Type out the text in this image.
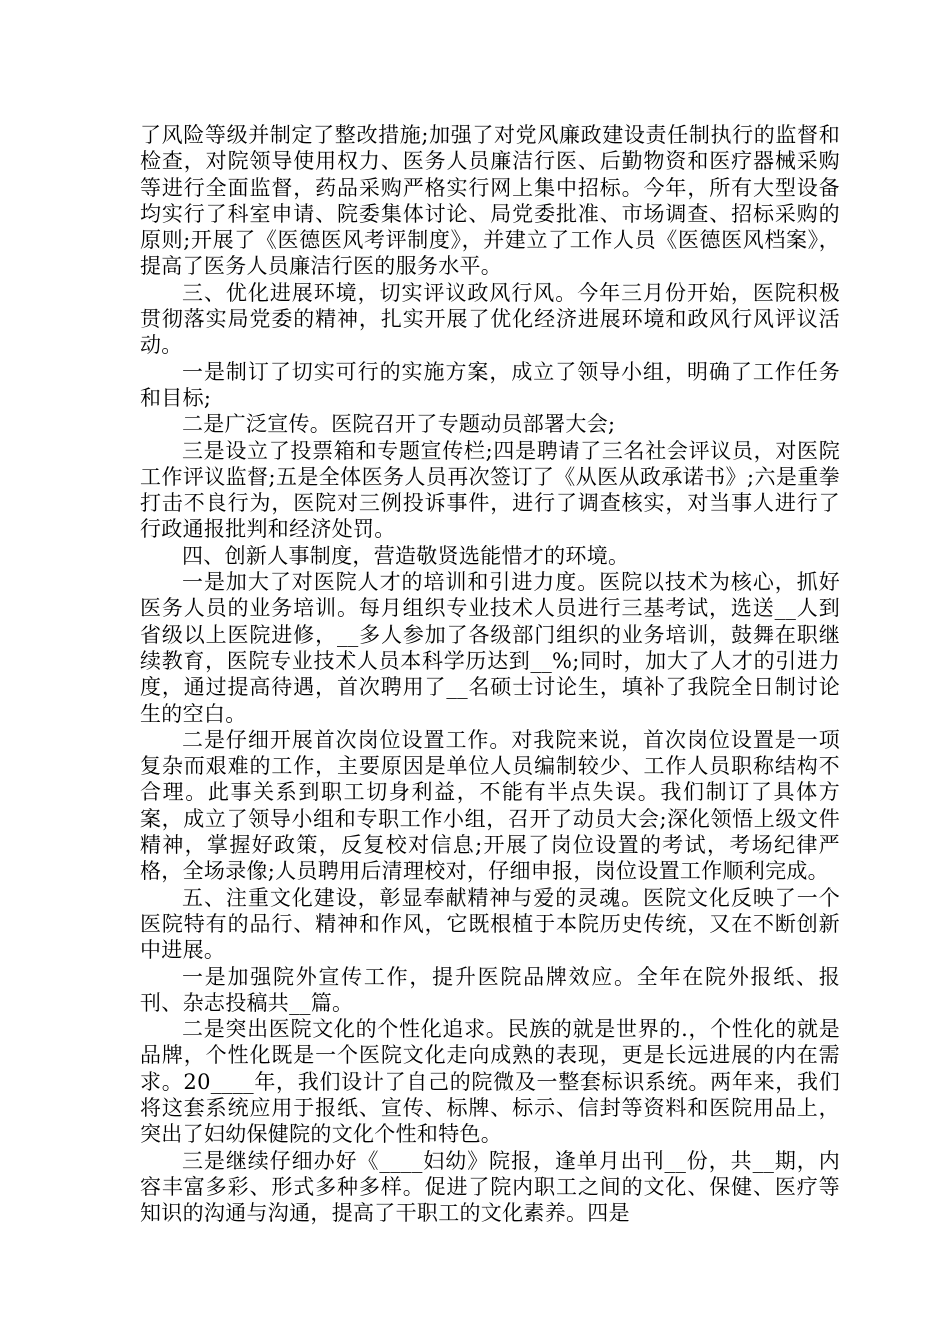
了风险等级并制定了整改措施;加强了对党风廉政建设责任制执行的监督和检查，对院领导使用权力、医务人员廉洁行医、后勤物资和医疗器械采购等进行全面监督，药品采购严格实行网上集中招标。今年，所有大型设备均实行了科室申请、院委集体讨论、局党委批准、市场调查、招标采购的原则;开展了《医德医风考评制度》，并建立了工作人员《医德医风档案》，提高了医务人员廉洁行医的服务水平。

三、优化进展环境，切实评议政风行风。今年三月份开始，医院积极贯彻落实局党委的精神，扎实开展了优化经济进展环境和政风行风评议活动。

一是制订了切实可行的实施方案，成立了领导小组，明确了工作任务和目标;

二是广泛宣传。医院召开了专题动员部署大会;

三是设立了投票箱和专题宣传栏;四是聘请了三名社会评议员，对医院工作评议监督;五是全体医务人员再次签订了《从医从政承诺书》;六是重拳打击不良行为，医院对三例投诉事件，进行了调查核实，对当事人进行了行政通报批判和经济处罚。

四、创新人事制度，营造敬贤选能惜才的环境。

一是加大了对医院人才的培训和引进力度。医院以技术为核心，抓好医务人员的业务培训。每月组织专业技术人员进行三基考试，选送__人到省级以上医院进修，__多人参加了各级部门组织的业务培训，鼓舞在职继续教育，医院专业技术人员本科学历达到__%;同时，加大了人才的引进力度，通过提高待遇，首次聘用了__名硕士讨论生，填补了我院全日制讨论生的空白。

二是仔细开展首次岗位设置工作。对我院来说，首次岗位设置是一项复杂而艰难的工作，主要原因是单位人员编制较少、工作人员职称结构不合理。此事关系到职工切身利益，不能有半点失误。我们制订了具体方案，成立了领导小组和专职工作小组，召开了动员大会;深化领悟上级文件精神，掌握好政策，反复校对信息;开展了岗位设置的考试，考场纪律严格，全场录像;人员聘用后清理校对，仔细申报，岗位设置工作顺利完成。

五、注重文化建设，彰显奉献精神与爱的灵魂。医院文化反映了一个医院特有的品行、精神和作风，它既根植于本院历史传统，又在不断创新中进展。

一是加强院外宣传工作，提升医院品牌效应。全年在院外报纸、报刊、杂志投稿共__篇。

二是突出医院文化的个性化追求。民族的就是世界的.，个性化的就是品牌，个性化既是一个医院文化走向成熟的表现，更是长远进展的内在需求。20____年，我们设计了自己的院微及一整套标识系统。两年来，我们将这套系统应用于报纸、宣传、标牌、标示、信封等资料和医院用品上，突出了妇幼保健院的文化个性和特色。

三是继续仔细办好《____妇幼》院报，逢单月出刊__份，共__期，内容丰富多彩、形式多种多样。促进了院内职工之间的文化、保健、医疗等知识的沟通与沟通，提高了干职工的文化素养。四是
